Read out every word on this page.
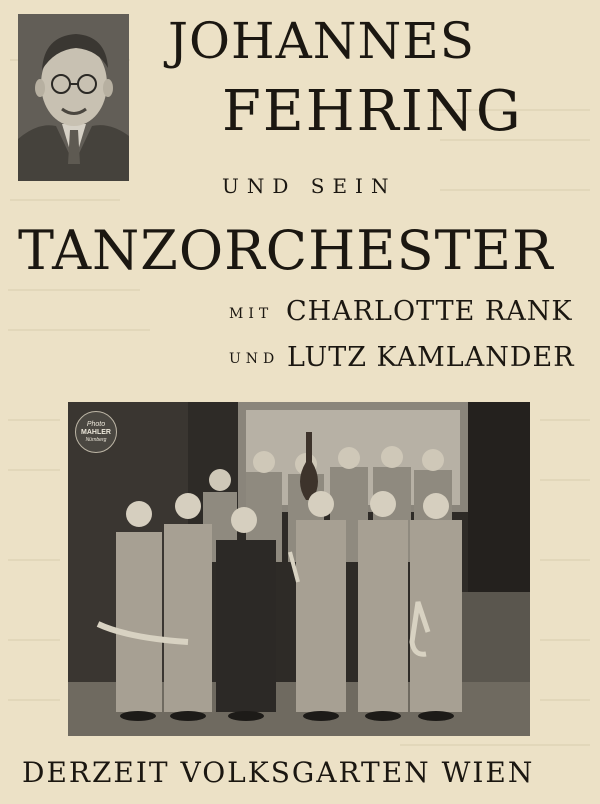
JOHANNES
FEHRING
UND SEIN
TANZORCHESTER
MIT CHARLOTTE RANK
UND LUTZ KAMLANDER
Photo
MAHLER
Nürnberg
DERZEIT VOLKSGARTEN WIEN
